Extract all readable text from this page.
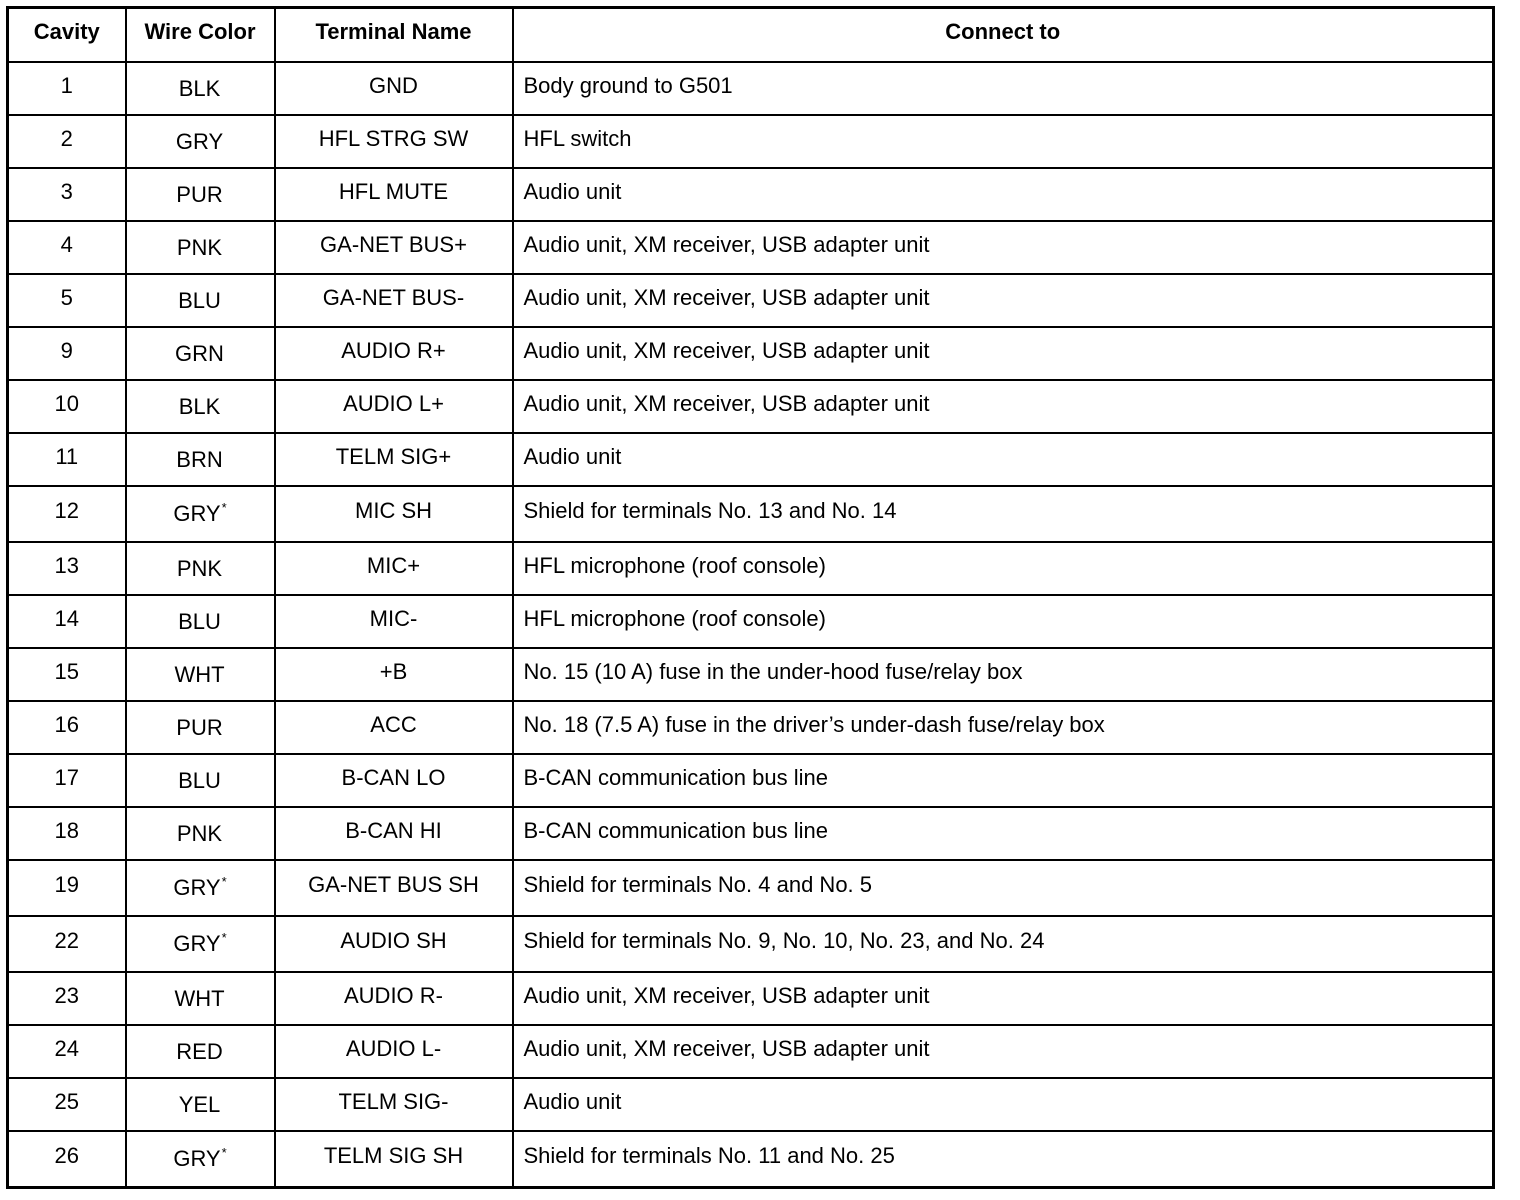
Cavity	Wire Color	Terminal Name	Connect to
1	BLK	GND	Body ground to G501
2	GRY	HFL STRG SW	HFL switch
3	PUR	HFL MUTE	Audio unit
4	PNK	GA-NET BUS+	Audio unit, XM receiver, USB adapter unit
5	BLU	GA-NET BUS-	Audio unit, XM receiver, USB adapter unit
9	GRN	AUDIO R+	Audio unit, XM receiver, USB adapter unit
10	BLK	AUDIO L+	Audio unit, XM receiver, USB adapter unit
11	BRN	TELM SIG+	Audio unit
12	GRY*	MIC SH	Shield for terminals No. 13 and No. 14
13	PNK	MIC+	HFL microphone (roof console)
14	BLU	MIC-	HFL microphone (roof console)
15	WHT	+B	No. 15 (10 A) fuse in the under-hood fuse/relay box
16	PUR	ACC	No. 18 (7.5 A) fuse in the driver’s under-dash fuse/relay box
17	BLU	B-CAN LO	B-CAN communication bus line
18	PNK	B-CAN HI	B-CAN communication bus line
19	GRY*	GA-NET BUS SH	Shield for terminals No. 4 and No. 5
22	GRY*	AUDIO SH	Shield for terminals No. 9, No. 10, No. 23, and No. 24
23	WHT	AUDIO R-	Audio unit, XM receiver, USB adapter unit
24	RED	AUDIO L-	Audio unit, XM receiver, USB adapter unit
25	YEL	TELM SIG-	Audio unit
26	GRY*	TELM SIG SH	Shield for terminals No. 11 and No. 25
